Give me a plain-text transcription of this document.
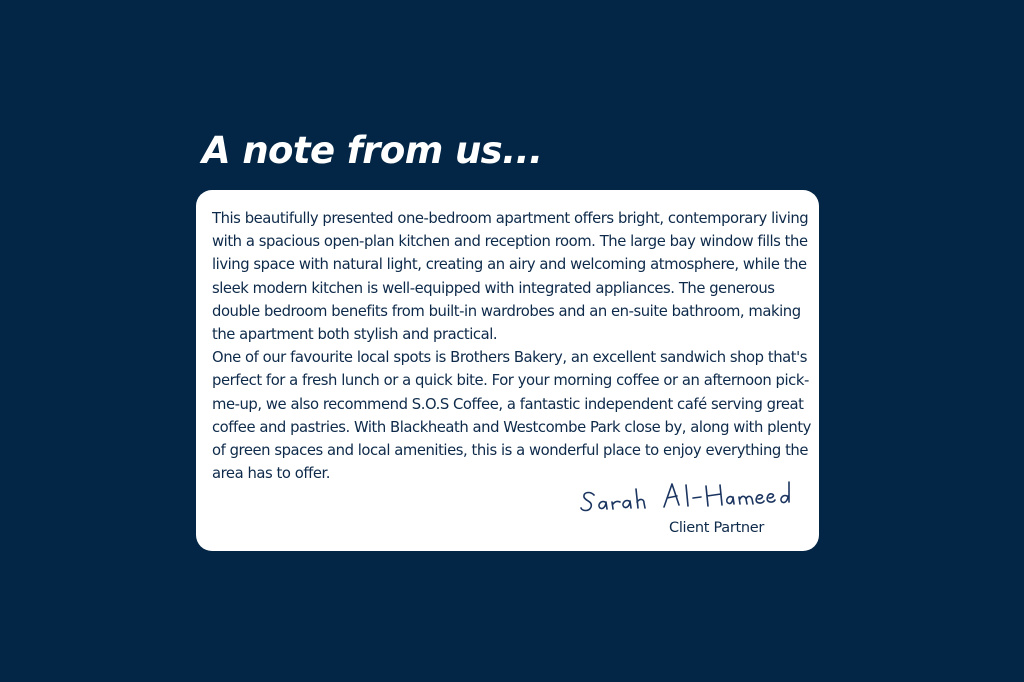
A note from us...

This beautifully presented one-bedroom apartment offers bright, contemporary living with a spacious open-plan kitchen and reception room. The large bay window fills the living space with natural light, creating an airy and welcoming atmosphere, while the sleek modern kitchen is well-equipped with integrated appliances. The generous double bedroom benefits from built-in wardrobes and an en-suite bathroom, making the apartment both stylish and practical.

One of our favourite local spots is Brothers Bakery, an excellent sandwich shop that's perfect for a fresh lunch or a quick bite. For your morning coffee or an afternoon pick-me-up, we also recommend S.O.S Coffee, a fantastic independent café serving great coffee and pastries. With Blackheath and Westcombe Park close by, along with plenty of green spaces and local amenities, this is a wonderful place to enjoy everything the area has to offer.

Client Partner
